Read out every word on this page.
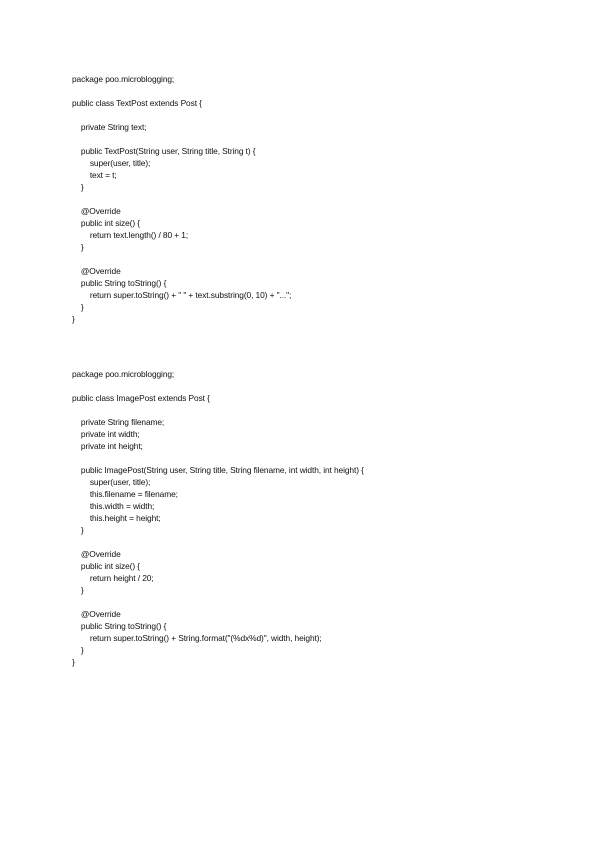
package poo.microblogging;
public class TextPost extends Post {
private String text;
public TextPost(String user, String title, String t) {
super(user, title);
text = t;
}
@Override
public int size() {
return text.length() / 80 + 1;
}
@Override
public String toString() {
return super.toString() + " " + text.substring(0, 10) + "...";
}
}
package poo.microblogging;
public class ImagePost extends Post {
private String filename;
private int width;
private int height;
public ImagePost(String user, String title, String filename, int width, int height) {
super(user, title);
this.filename = filename;
this.width = width;
this.height = height;
}
@Override
public int size() {
return height / 20;
}
@Override
public String toString() {
return super.toString() + String.format("(%dx%d)", width, height);
}
}
